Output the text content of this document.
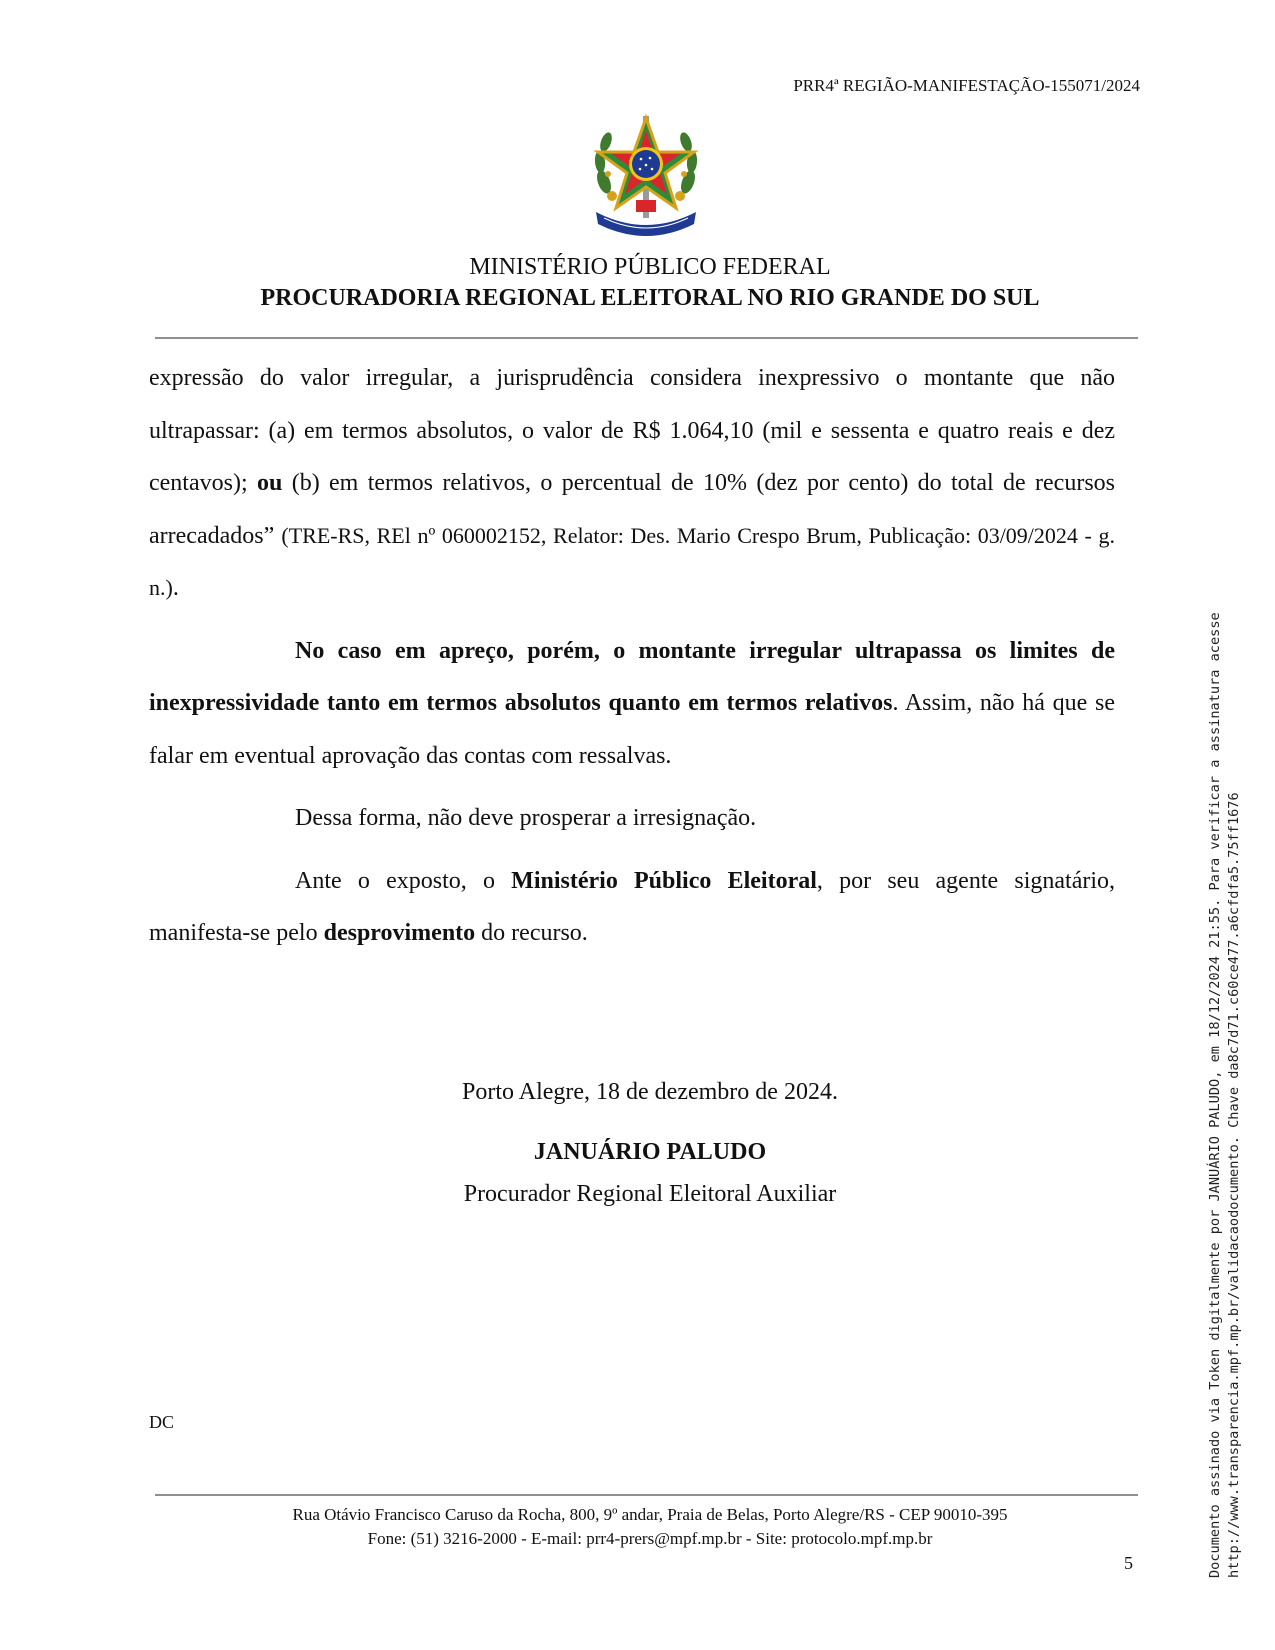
PRR4ª REGIÃO-MANIFESTAÇÃO-155071/2024
MINISTÉRIO PÚBLICO FEDERAL
PROCURADORIA REGIONAL ELEITORAL NO RIO GRANDE DO SUL

expressão do valor irregular, a jurisprudência considera inexpressivo o montante que não ultrapassar: (a) em termos absolutos, o valor de R$ 1.064,10 (mil e sessenta e quatro reais e dez centavos); ou (b) em termos relativos, o percentual de 10% (dez por cento) do total de recursos arrecadados” (TRE-RS, REl nº 060002152, Relator: Des. Mario Crespo Brum, Publicação: 03/09/2024 - g. n.).

No caso em apreço, porém, o montante irregular ultrapassa os limites de inexpressividade tanto em termos absolutos quanto em termos relativos. Assim, não há que se falar em eventual aprovação das contas com ressalvas.

Dessa forma, não deve prosperar a irresignação.

Ante o exposto, o Ministério Público Eleitoral, por seu agente signatário, manifesta-se pelo desprovimento do recurso.

Porto Alegre, 18 de dezembro de 2024.
JANUÁRIO PALUDO
Procurador Regional Eleitoral Auxiliar
DC
Rua Otávio Francisco Caruso da Rocha, 800, 9º andar, Praia de Belas, Porto Alegre/RS - CEP 90010-395
Fone: (51) 3216-2000 - E-mail: prr4-prers@mpf.mp.br - Site: protocolo.mpf.mp.br
5	Documento assinado via Token digitalmente por JANUÁRIO PALUDO, em 18/12/2024 21:55. Para verificar a assinatura acesse http://www.transparencia.mpf.mp.br/validacaodocumento. Chave da8c7d71.c60ce477.a6cfdfa5.75ff1676
